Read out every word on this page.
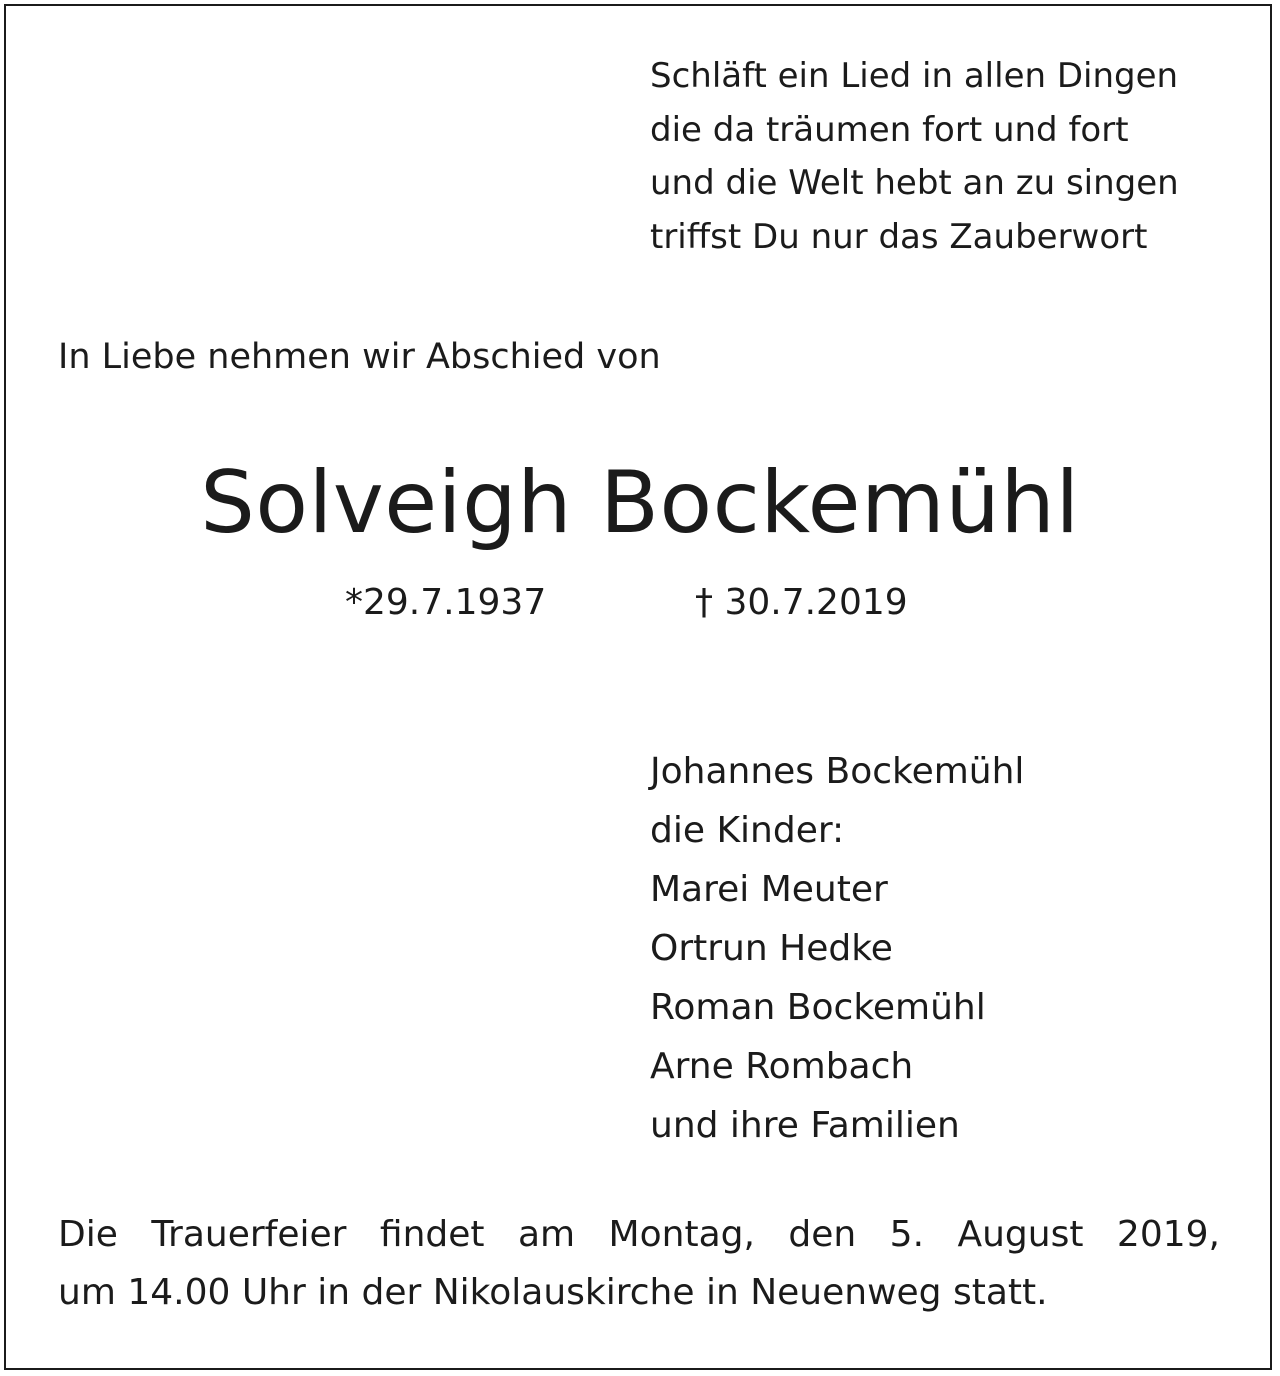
Schläft ein Lied in allen Dingen
die da träumen fort und fort
und die Welt hebt an zu singen
triffst Du nur das Zauberwort
In Liebe nehmen wir Abschied von
Solveigh Bockemühl
*29.7.1937	† 30.7.2019
Johannes Bockemühl
die Kinder:
Marei Meuter
Ortrun Hedke
Roman Bockemühl
Arne Rombach
und ihre Familien
Die Trauerfeier findet am Montag, den 5. August 2019,
um 14.00 Uhr in der Nikolauskirche in Neuenweg statt.
